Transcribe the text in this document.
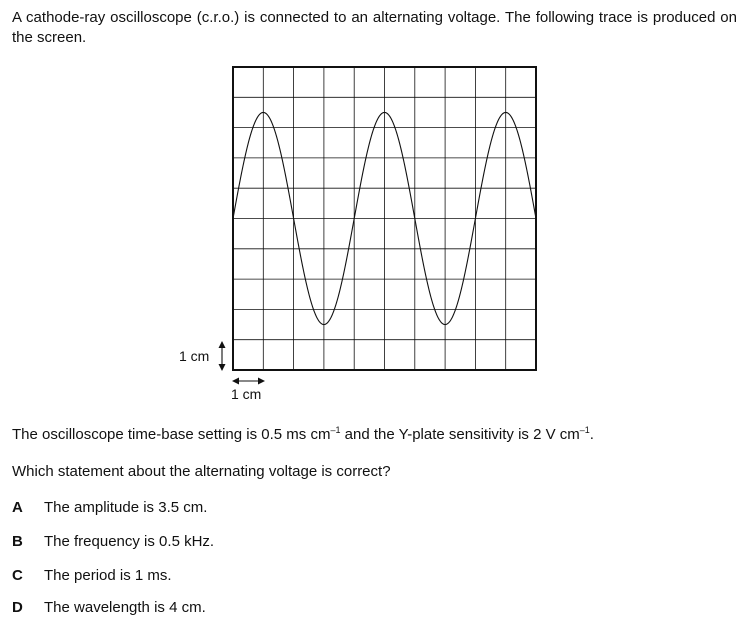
A cathode-ray oscilloscope (c.r.o.) is connected to an alternating voltage. The following trace is produced on the screen.
1 cm
1 cm
The oscilloscope time-base setting is 0.5 ms $cm^{-1}$ and the Y-plate sensitivity is 2 V $cm^{-1}$.
Which statement about the alternating voltage is correct?
A The amplitude is 3.5 cm.
B The frequency is 0.5 kHz.
C The period is 1 ms.
D The wavelength is 4 cm.
